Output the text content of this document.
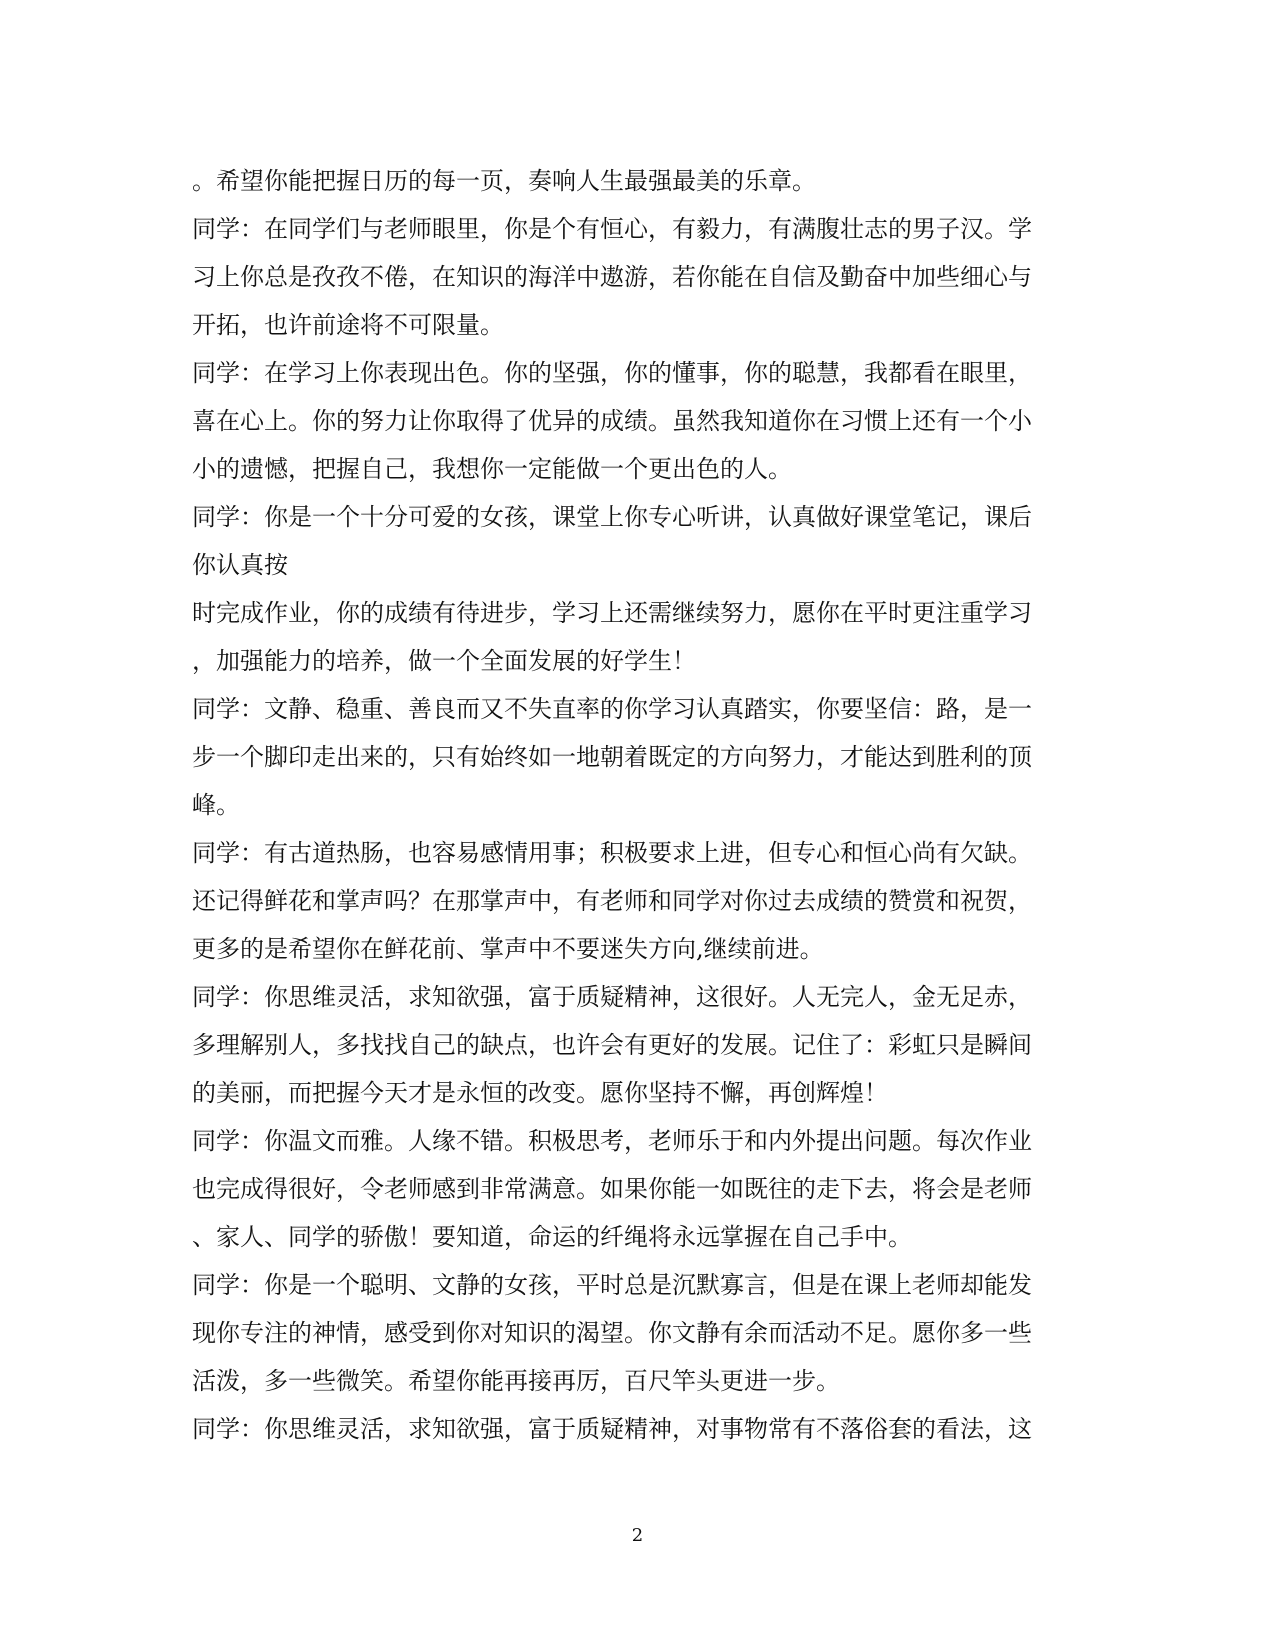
。希望你能把握日历的每一页，奏响人生最强最美的乐章。
同学：在同学们与老师眼里，你是个有恒心，有毅力，有满腹壮志的男子汉。学
习上你总是孜孜不倦，在知识的海洋中遨游，若你能在自信及勤奋中加些细心与
开拓，也许前途将不可限量。
同学：在学习上你表现出色。你的坚强，你的懂事，你的聪慧，我都看在眼里，
喜在心上。你的努力让你取得了优异的成绩。虽然我知道你在习惯上还有一个小
小的遗憾，把握自己，我想你一定能做一个更出色的人。
同学：你是一个十分可爱的女孩，课堂上你专心听讲，认真做好课堂笔记，课后
你认真按
时完成作业，你的成绩有待进步，学习上还需继续努力，愿你在平时更注重学习
，加强能力的培养，做一个全面发展的好学生！
同学：文静、稳重、善良而又不失直率的你学习认真踏实，你要坚信：路，是一
步一个脚印走出来的，只有始终如一地朝着既定的方向努力，才能达到胜利的顶
峰。
同学：有古道热肠，也容易感情用事；积极要求上进，但专心和恒心尚有欠缺。
还记得鲜花和掌声吗？在那掌声中，有老师和同学对你过去成绩的赞赏和祝贺，
更多的是希望你在鲜花前、掌声中不要迷失方向,继续前进。
同学：你思维灵活，求知欲强，富于质疑精神，这很好。人无完人，金无足赤，
多理解别人，多找找自己的缺点，也许会有更好的发展。记住了：彩虹只是瞬间
的美丽，而把握今天才是永恒的改变。愿你坚持不懈，再创辉煌！
同学：你温文而雅。人缘不错。积极思考，老师乐于和内外提出问题。每次作业
也完成得很好，令老师感到非常满意。如果你能一如既往的走下去，将会是老师
、家人、同学的骄傲！要知道，命运的纤绳将永远掌握在自己手中。
同学：你是一个聪明、文静的女孩，平时总是沉默寡言，但是在课上老师却能发
现你专注的神情，感受到你对知识的渴望。你文静有余而活动不足。愿你多一些
活泼，多一些微笑。希望你能再接再厉，百尺竿头更进一步。
同学：你思维灵活，求知欲强，富于质疑精神，对事物常有不落俗套的看法，这
2
